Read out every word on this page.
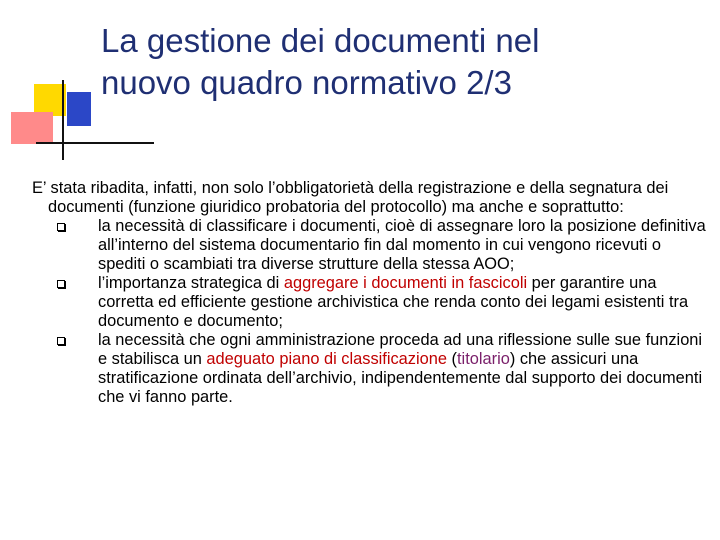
La gestione dei documenti nel
nuovo quadro normativo 2/3

E’ stata ribadita, infatti, non solo l’obbligatorietà della registrazione e della segnatura dei documenti (funzione giuridico probatoria del protocollo) ma anche e soprattutto:

la necessità di classificare i documenti, cioè di assegnare loro la posizione definitiva all’interno del sistema documentario fin dal momento in cui vengono ricevuti o spediti o scambiati tra diverse strutture della stessa AOO;
l’importanza strategica di aggregare i documenti in fascicoli per garantire una corretta ed efficiente gestione archivistica che renda conto dei legami esistenti tra documento e documento;
la necessità che ogni amministrazione proceda ad una riflessione sulle sue funzioni e stabilisca un adeguato piano di classificazione (titolario) che assicuri una stratificazione ordinata dell’archivio, indipendentemente dal supporto dei documenti che vi fanno parte.
